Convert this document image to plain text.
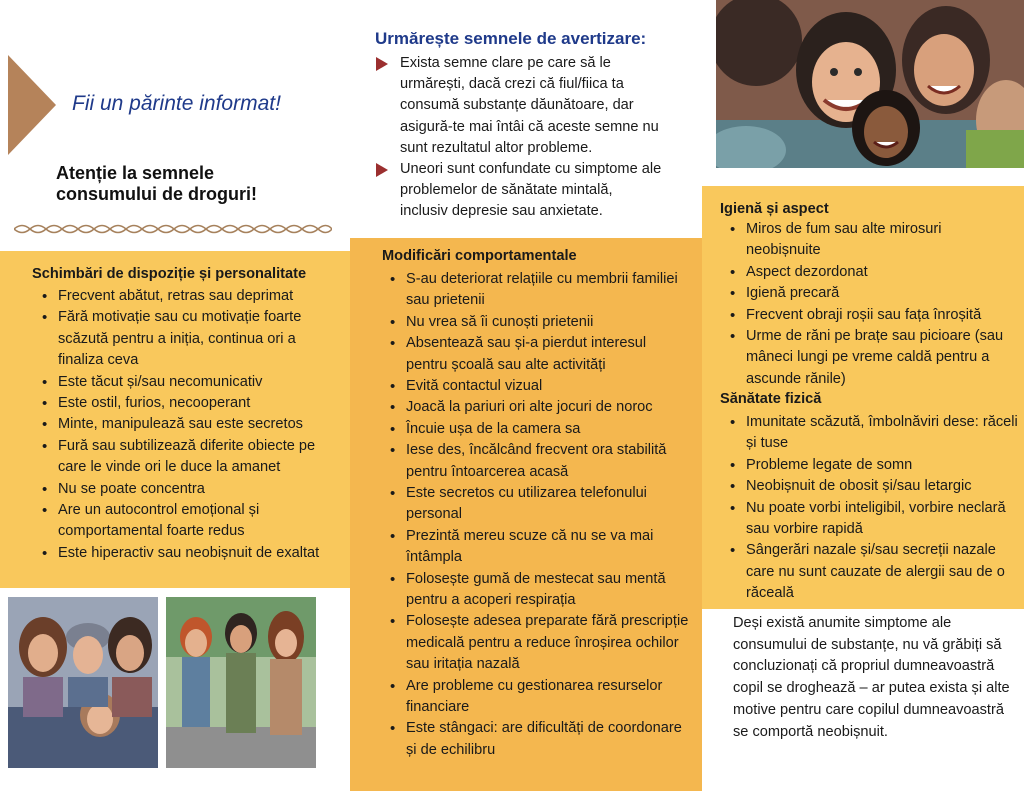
Fii un părinte informat!
Atenție la semnele
consumului de droguri!
Urmărește semnele de avertizare:
Exista semne clare pe care să le urmărești, dacă crezi că fiul/fiica ta consumă substanțe dăunătoare, dar asigură-te mai întâi că aceste semne nu sunt rezultatul altor probleme.
Uneori sunt confundate cu simptome ale problemelor de sănătate mintală, inclusiv depresie sau anxietate.
Schimbări de dispoziție și personalitate
• Frecvent abătut, retras sau deprimat
• Fără motivație sau cu motivație foarte scăzută pentru a iniția, continua ori a finaliza ceva
• Este tăcut și/sau necomunicativ
• Este ostil, furios, necooperant
• Minte, manipulează sau este secretos
• Fură sau subtilizează diferite obiecte pe care le vinde ori le duce la amanet
• Nu se poate concentra
• Are un autocontrol emoțional și comportamental foarte redus
• Este hiperactiv sau neobișnuit de exaltat
Modificări comportamentale
• S-au deteriorat relațiile cu membrii familiei sau prietenii
• Nu vrea să îi cunoști prietenii
• Absentează sau și-a pierdut interesul pentru școală sau alte activități
• Evită contactul vizual
• Joacă la pariuri ori alte jocuri de noroc
• Încuie ușa de la camera sa
• Iese des, încălcând frecvent ora stabilită pentru întoarcerea acasă
• Este secretos cu utilizarea telefonului personal
• Prezintă mereu scuze că nu se va mai întâmpla
• Folosește gumă de mestecat sau mentă pentru a acoperi respirația
• Folosește adesea preparate fără prescripție medicală pentru a reduce înroșirea ochilor sau iritația nazală
• Are probleme cu gestionarea resurselor financiare
• Este stângaci: are dificultăți de coordonare și de echilibru
Igienă și aspect
• Miros de fum sau alte mirosuri neobișnuite
• Aspect dezordonat
• Igienă precară
• Frecvent obraji roșii sau fața înroșită
• Urme de răni pe brațe sau picioare (sau mâneci lungi pe vreme caldă pentru a ascunde rănile)
Sănătate fizică
• Imunitate scăzută, îmbolnăviri dese: răceli și tuse
• Probleme legate de somn
• Neobișnuit de obosit și/sau letargic
• Nu poate vorbi inteligibil, vorbire neclară sau vorbire rapidă
• Sângerări nazale și/sau secreții nazale care nu sunt cauzate de alergii sau de o răceală
Deși există anumite simptome ale consumului de substanțe, nu vă grăbiți să concluzionați că propriul dumneavoastră copil se droghează – ar putea exista și alte motive pentru care copilul dumneavoastră se comportă neobișnuit.
